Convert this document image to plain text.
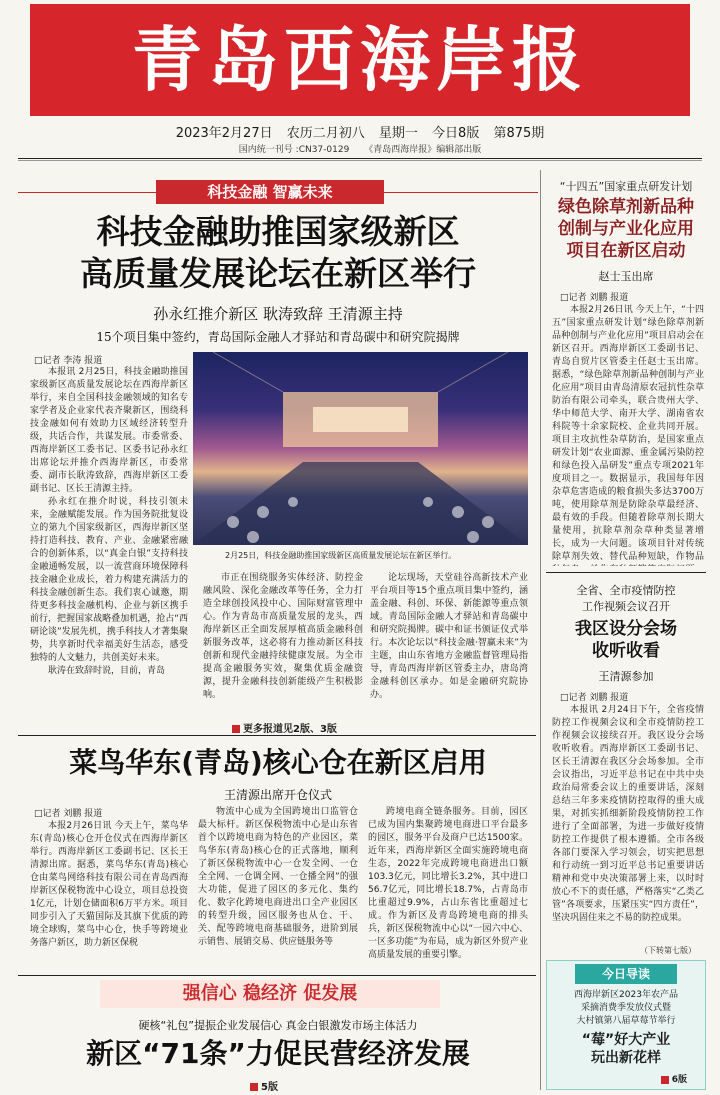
青岛西海岸报
2023年2月27日 农历二月初八 星期一 今日8版 第875期
国内统一刊号 :CN37-0129 《青岛西海岸报》编辑部出版
科技金融 智赢未来
科技金融助推国家级新区
高质量发展论坛在新区举行
孙永红推介新区 耿涛致辞 王清源主持
15个项目集中签约，青岛国际金融人才驿站和青岛碳中和研究院揭牌
□记者 李涛 报道

本报讯 2月25日，科技金融助推国家级新区高质量发展论坛在西海岸新区举行，来自全国科技金融领域的知名专家学者及企业家代表齐聚新区，围绕科技金融如何有效助力区域经济转型升级，共话合作，共谋发展。市委常委、西海岸新区工委书记、区委书记孙永红出席论坛并推介西海岸新区，市委常委、副市长耿涛致辞，西海岸新区工委副书记、区长王清源主持。

孙永红在推介时说，科技引领未来，金融赋能发展。作为国务院批复设立的第九个国家级新区，西海岸新区坚持打造科技、教育、产业、金融紧密融合的创新体系，以“真金白银”支持科技金融通畅发展，以一流营商环境保障科技金融企业成长，着力构建充满活力的科技金融创新生态。我们衷心诚邀，期待更多科技金融机构、企业与新区携手前行，把握国家战略叠加机遇，抢占“西研论谈”发展先机，携手科技人才著集聚势，共享新时代幸福美好生活态，感受独特的人文魅力，共创美好未来。

耿涛在致辞时说，目前，青岛

2月25日，科技金融助推国家级新区高质量发展论坛在新区举行。

市正在围绕服务实体经济、防控金融风险、深化金融改革等任务，全力打造全球创投风投中心、国际财富管理中心。作为青岛市高质量发展的龙头，西海岸新区正全面发展厚植高质金融科创新服务改革，这必将有力推动新区科技创新和现代金融持续健康发展。为全市提高金融服务实效，聚集优质金融资源，提升金融科技创新能级产生积极影响。

论坛现场，天堂硅谷高新技术产业平台项目等15个重点项目集中签约，涵盖金融、科创、环保、新能源等重点领域。青岛国际金融人才驿站和青岛碳中和研究院揭牌。碳中和证书颁证仪式举行。本次论坛以“科技金融·智赢未来”为主题，由山东省地方金融监督管理局指导，青岛西海岸新区管委主办，唐岛湾金融科创区承办。如是金融研究院协办。

更多报道见2版、3版
菜鸟华东(青岛)核心仓在新区启用
王清源出席开仓仪式
□记者 刘鹏 报道

本报2月26日讯 今天上午，菜鸟华东(青岛)核心仓开仓仪式在西海岸新区举行。西海岸新区工委副书记、区长王清源出席。据悉，菜鸟华东(青岛)核心仓由菜鸟网络科技有限公司在青岛西海岸新区保税物流中心设立，项目总投资1亿元，计划仓储面积6万平方米。项目同步引入了天猫国际及其旗下优质的跨境全球购，菜鸟中心仓，快手等跨境业务落户新区，助力新区保税

物流中心成为全国跨境出口监管仓最大标杆。新区保税物流中心是山东省首个以跨境电商为特色的产业园区，菜鸟华东(青岛)核心仓的正式落地，顺利了新区保税物流中心一仓发全网、一仓全全网、一仓调全网、一仓播全网”的强大功能，促进了园区的多元化、集约化、数字化跨境电商进出口全产业园区的转型升级，园区服务也从仓、干、关、配等跨境电商基础服务，进阶到展示销售、展销交易、供应链服务等

跨境电商全链条服务。目前，园区已成为国内集聚跨境电商进口平台最多的园区，服务平台及商户已达1500家。近年来，西海岸新区全面实施跨境电商生态，2022年完成跨境电商进出口额103.3亿元，同比增长3.2%，其中进口56.7亿元，同比增长18.7%，占青岛市比重超过9.9%，占山东省比重超过七成。作为新区及青岛跨境电商的排头兵，新区保税物流中心以“一园六中心、一区多功能”为布局，成为新区外贸产业高质量发展的重要引擎。

强信心 稳经济 促发展
硬核“礼包”提振企业发展信心 真金白银激发市场主体活力
新区“71条”力促民营经济发展
5版
“十四五”国家重点研发计划
绿色除草剂新品种
创制与产业化应用
项目在新区启动
赵士玉出席
□记者 刘鹏 报道

本报2月26日讯 今天上午，“十四五”国家重点研发计划“绿色除草剂新品种创制与产业化应用”项目启动会在新区召开。西海岸新区工委副书记、青岛自贸片区管委主任赵士玉出席。据悉，“绿色除草剂新品种创制与产业化应用”项目由青岛清原农冠抗性杂草防治有限公司牵头，联合贵州大学、华中师范大学、南开大学、湖南省农科院等十余家院校、企业共同开展。项目主攻抗性杂草防治，是国家重点研发计划“农业面源、重金属污染防控和绿色投入品研发”重点专项2021年度项目之一。数据显示，我国每年因杂草危害造成的粮食损失多达3700万吨，使用除草剂是防除杂草最经济、最有效的手段。但随着除草剂长期大量使用，抗除草剂杂草种类显著增长，成为一大问题。该项目针对传统除草剂失效、替代品种短缺，作物品

全省、全市疫情防控
工作视频会议召开
我区设分会场
收听收看
王清源参加
□记者 刘鹏 报道

本报讯 2月24日下午，全省疫情防控工作视频会议和全市疫情防控工作视频会议接续召开。我区设分会场收听收看。西海岸新区工委副书记、区长王清源在我区分会场参加。全市会议指出，习近平总书记在中共中央政治局常委会议上的重要讲话，深刻总结三年多来疫情防控取得的重大成果，对抓实抓细新阶段疫情防控工作进行了全面部署，为进一步做好疫情防控工作提供了根本遵循。全市各级各部门要深入学习领会，切实把思想和行动统一到习近平总书记重要讲话精神和党中央决策部署上来，以时时放心不下的责任感，严格落实“乙类乙管”各项要求，压紧压实“四方责任”，坚决巩固住来之不易的防控成果。

（下转第七版）
今日导读
西海岸新区2023年农产品
采摘消费季发放仪式暨
大村镇第八届草莓节举行
“莓”好大产业
玩出新花样
6版
